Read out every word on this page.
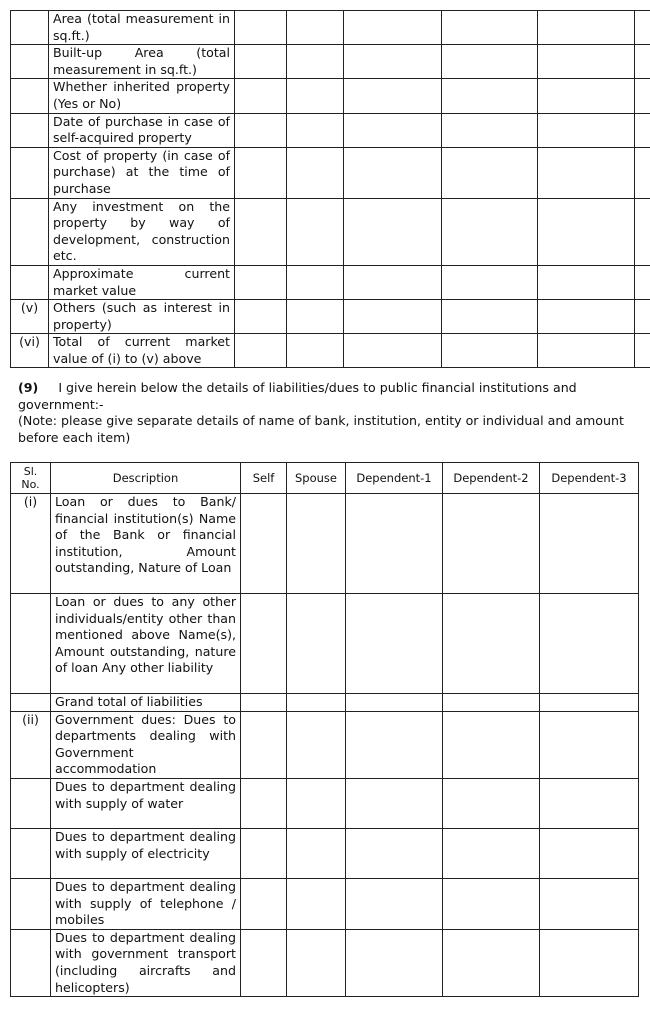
	Area (total measurement in sq.ft.)						
	Built-up Area (total measurement in sq.ft.)						
	Whether inherited property (Yes or No)						
	Date of purchase in case of self-acquired property						
	Cost of property (in case of purchase) at the time of purchase						
	Any investment on the property by way of development, construction etc.						
	Approximate current market value						
(v)	Others (such as interest in property)						
(vi)	Total of current market value of (i) to (v) above						
(9) I give herein below the details of liabilities/dues to public financial institutions and government:-
(Note: please give separate details of name of bank, institution, entity or individual and amount before each item)
Sl. No.	Description	Self	Spouse	Dependent-1	Dependent-2	Dependent-3
(i)	Loan or dues to Bank/ financial institution(s) Name of the Bank or financial institution, Amount outstanding, Nature of Loan					
	Loan or dues to any other individuals/entity other than mentioned above Name(s), Amount outstanding, nature of loan Any other liability					
	Grand total of liabilities					
(ii)	Government dues: Dues to departments dealing with Government accommodation					
	Dues to department dealing with supply of water					
	Dues to department dealing with supply of electricity					
	Dues to department dealing with supply of telephone / mobiles					
	Dues to department dealing with government transport (including aircrafts and helicopters)					
